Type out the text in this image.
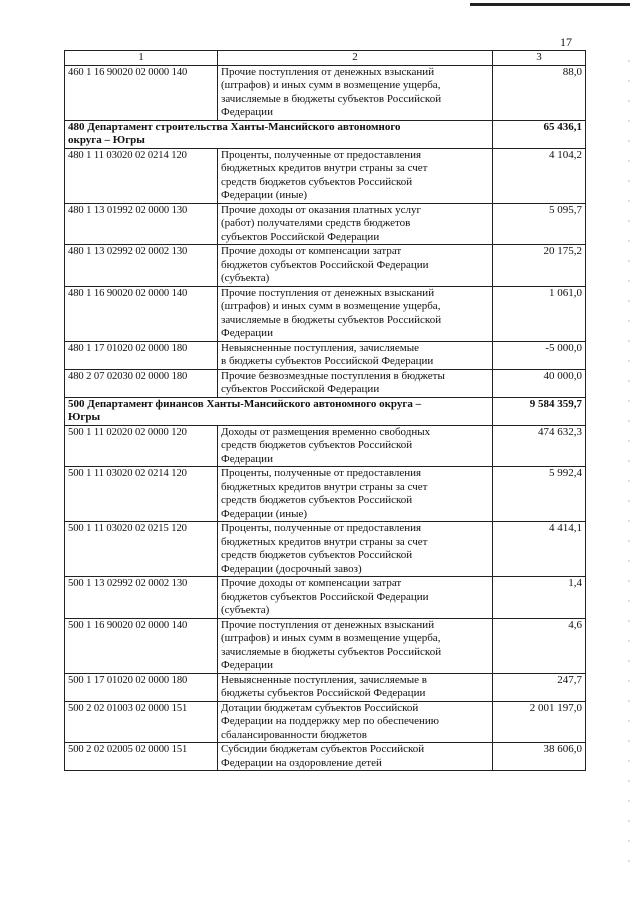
17
1	2	3
460 1 16 90020 02 0000 140	Прочие поступления от денежных взысканий
(штрафов) и иных сумм в возмещение ущерба,
зачисляемые в бюджеты субъектов Российской
Федерации	88,0
480 Департамент строительства Ханты-Мансийского автономного
округа – Югры		65 436,1
480 1 11 03020 02 0214 120	Проценты, полученные от предоставления
бюджетных кредитов внутри страны за счет
средств бюджетов субъектов Российской
Федерации (иные)	4 104,2
480 1 13 01992 02 0000 130	Прочие доходы от оказания платных услуг
(работ) получателями средств бюджетов
субъектов Российской Федерации	5 095,7
480 1 13 02992 02 0002 130	Прочие доходы от компенсации затрат
бюджетов субъектов Российской Федерации
(субъекта)	20 175,2
480 1 16 90020 02 0000 140	Прочие поступления от денежных взысканий
(штрафов) и иных сумм в возмещение ущерба,
зачисляемые в бюджеты субъектов Российской
Федерации	1 061,0
480 1 17 01020 02 0000 180	Невыясненные поступления, зачисляемые
в бюджеты субъектов Российской Федерации	-5 000,0
480 2 07 02030 02 0000 180	Прочие безвозмездные поступления в бюджеты
субъектов Российской Федерации	40 000,0
500 Департамент финансов Ханты-Мансийского автономного округа –
Югры		9 584 359,7
500 1 11 02020 02 0000 120	Доходы от размещения временно свободных
средств бюджетов субъектов Российской
Федерации	474 632,3
500 1 11 03020 02 0214 120	Проценты, полученные от предоставления
бюджетных кредитов внутри страны за счет
средств бюджетов субъектов Российской
Федерации (иные)	5 992,4
500 1 11 03020 02 0215 120	Проценты, полученные от предоставления
бюджетных кредитов внутри страны за счет
средств бюджетов субъектов Российской
Федерации (досрочный завоз)	4 414,1
500 1 13 02992 02 0002 130	Прочие доходы от компенсации затрат
бюджетов субъектов Российской Федерации
(субъекта)	1,4
500 1 16 90020 02 0000 140	Прочие поступления от денежных взысканий
(штрафов) и иных сумм в возмещение ущерба,
зачисляемые в бюджеты субъектов Российской
Федерации	4,6
500 1 17 01020 02 0000 180	Невыясненные поступления, зачисляемые в
бюджеты субъектов Российской Федерации	247,7
500 2 02 01003 02 0000 151	Дотации бюджетам субъектов Российской
Федерации на поддержку мер по обеспечению
сбалансированности бюджетов	2 001 197,0
500 2 02 02005 02 0000 151	Субсидии бюджетам субъектов Российской
Федерации на оздоровление детей	38 606,0
